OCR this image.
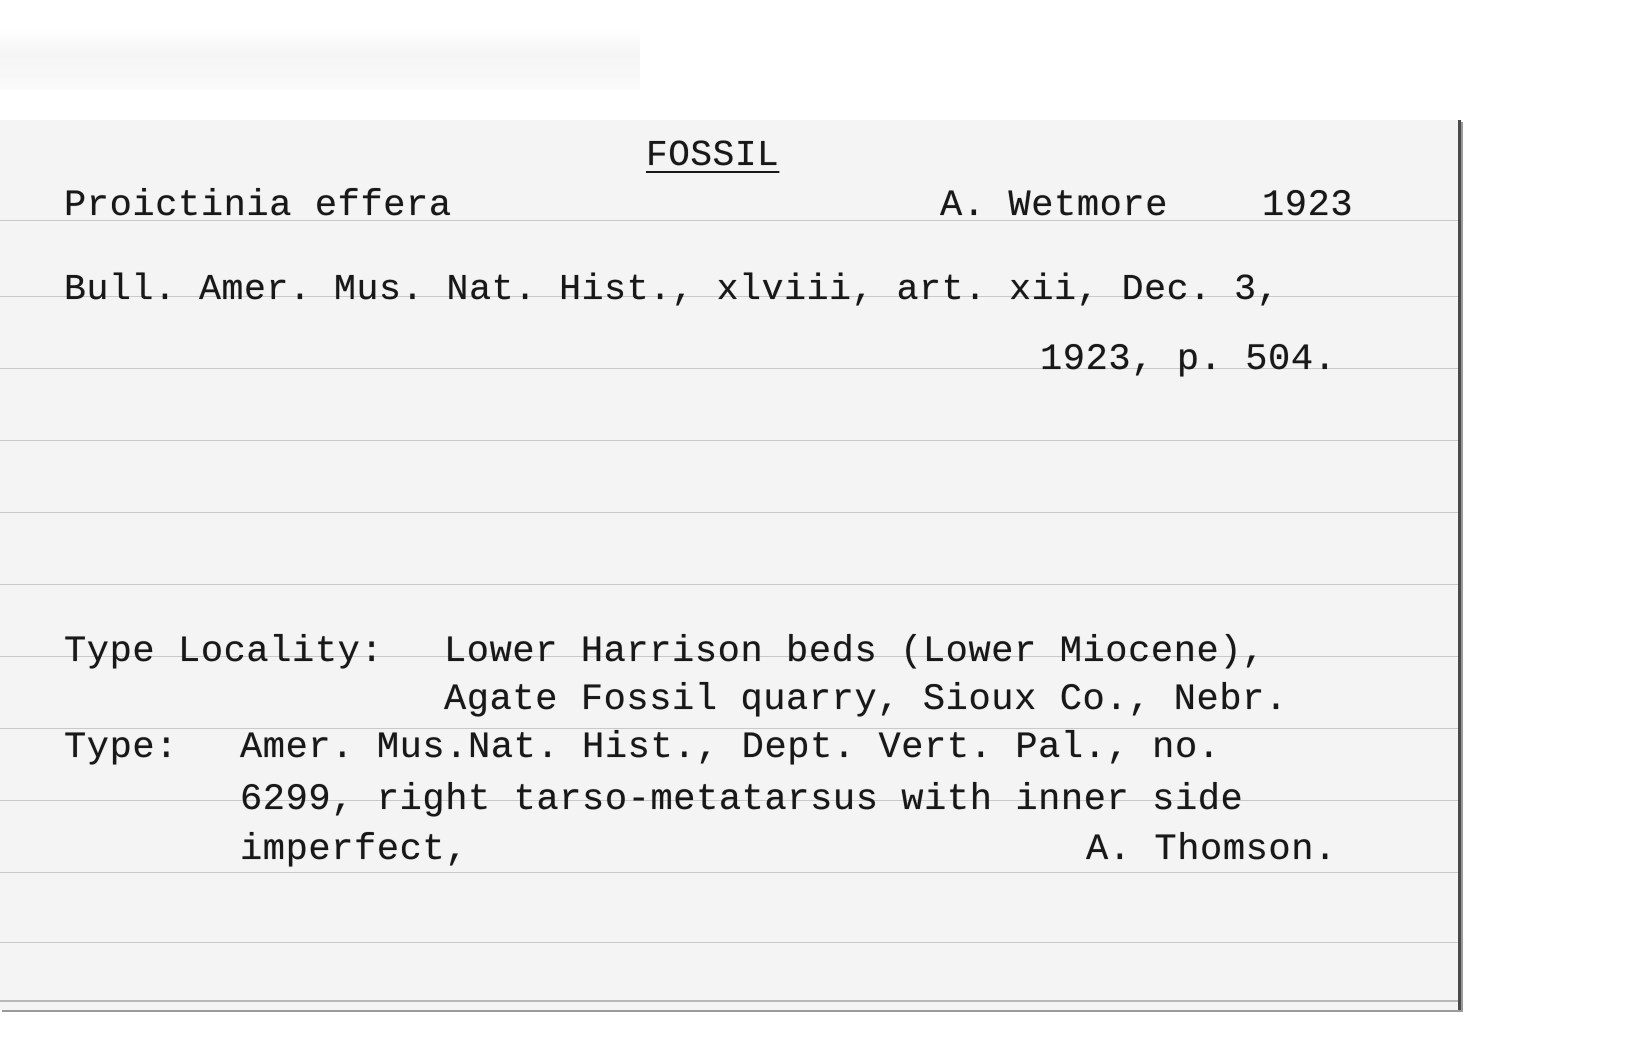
FOSSIL
Proictinia effera	A. Wetmore	1923
Bull. Amer. Mus. Nat. Hist., xlviii, art. xii, Dec. 3,
1923, p. 504.
Type Locality: Lower Harrison beds (Lower Miocene),
Agate Fossil quarry, Sioux Co., Nebr.
Type: Amer. Mus.Nat. Hist., Dept. Vert. Pal., no.
6299, right tarso-metatarsus with inner side
imperfect,	A. Thomson.
